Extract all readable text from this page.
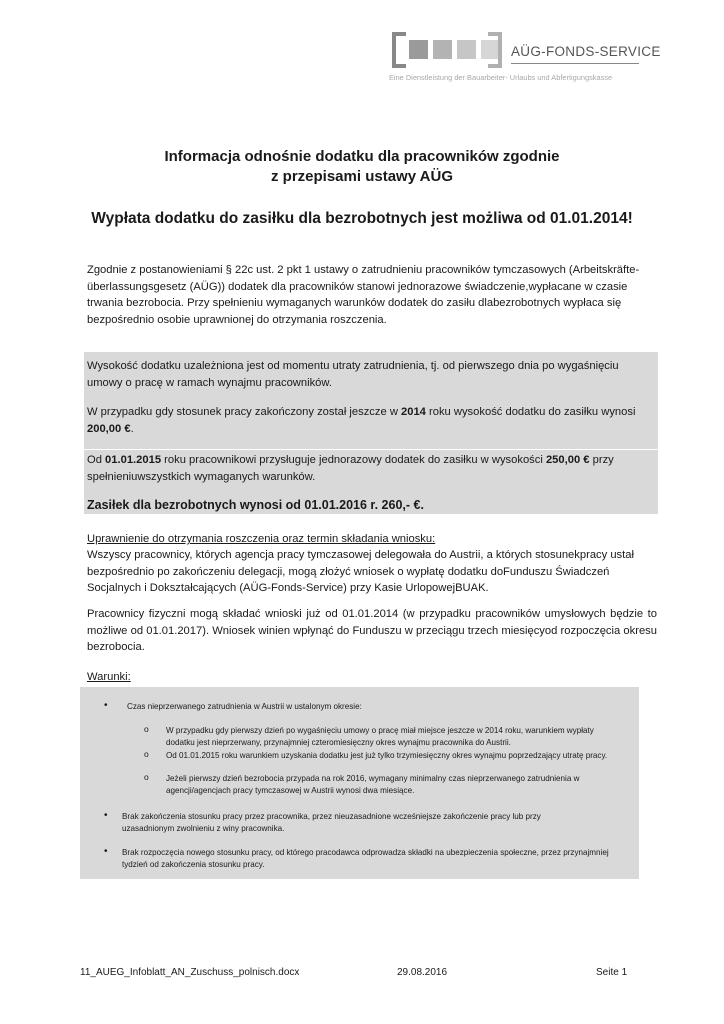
AÜG-FONDS-SERVICE
Eine Dienstleistung der Bauarbeiter- Urlaubs und Abfertigungskasse
Informacja odnośnie dodatku dla pracowników zgodnie
z przepisami ustawy AÜG
Wypłata dodatku do zasiłku dla bezrobotnych jest możliwa od 01.01.2014!
Zgodnie z postanowieniami § 22c ust. 2 pkt 1 ustawy o zatrudnieniu pracowników tymczasowych (Arbeitskräfte-überlassungsgesetz (AÜG)) dodatek dla pracowników stanowi jednorazowe świadczenie,wypłacane w czasie trwania bezrobocia. Przy spełnieniu wymaganych warunków dodatek do zasiłu dlabezrobotnych wypłaca się bezpośrednio osobie uprawnionej do otrzymania roszczenia.
Wysokość dodatku uzależniona jest od momentu utraty zatrudnienia, tj. od pierwszego dnia po wygaśnięciu umowy o pracę w ramach wynajmu pracowników.
W przypadku gdy stosunek pracy zakończony został jeszcze w 2014 roku wysokość dodatku do zasiłku wynosi 200,00 €.
Od 01.01.2015 roku pracownikowi przysługuje jednorazowy dodatek do zasiłku w wysokości 250,00 € przy spełnieniuwszystkich wymaganych warunków.
Zasiłek dla bezrobotnych wynosi od 01.01.2016 r. 260,- €.
Uprawnienie do otrzymania roszczenia oraz termin składania wniosku:
Wszyscy pracownicy, których agencja pracy tymczasowej delegowała do Austrii, a których stosunekpracy ustał bezpośrednio po zakończeniu delegacji, mogą złożyć wniosek o wypłatę dodatku doFunduszu Świadczeń Socjalnych i Dokształcających (AÜG-Fonds-Service) przy Kasie UrlopowejBUAK.
Pracownicy fizyczni mogą składać wnioski już od 01.01.2014 (w przypadku pracowników umysłowych będzie to możliwe od 01.01.2017). Wniosek winien wpłynąć do Funduszu w przeciągu trzech miesięcyod rozpoczęcia okresu bezrobocia.
Warunki:
• Czas nieprzerwanego zatrudnienia w Austrii w ustalonym okresie:
o W przypadku gdy pierwszy dzień po wygaśnięciu umowy o pracę miał miejsce jeszcze w 2014 roku, warunkiem wypłaty dodatku jest nieprzerwany, przynajmniej czteromiesięczny okres wynajmu pracownika do Austrii.
o Od 01.01.2015 roku warunkiem uzyskania dodatku jest już tylko trzymiesięczny okres wynajmu poprzedzający utratę pracy.
o Jeżeli pierwszy dzień bezrobocia przypada na rok 2016, wymagany minimalny czas nieprzerwanego zatrudnienia w agencji/agencjach pracy tymczasowej w Austrii wynosi dwa miesiące.
• Brak zakończenia stosunku pracy przez pracownika, przez nieuzasadnione wcześniejsze zakończenie pracy lub przy uzasadnionym zwolnieniu z winy pracownika.
• Brak rozpoczęcia nowego stosunku pracy, od którego pracodawca odprowadza składki na ubezpieczenia społeczne, przez przynajmniej tydzień od zakończenia stosunku pracy.
11_AUEG_Infoblatt_AN_Zuschuss_polnisch.docx	29.08.2016	Seite 1
